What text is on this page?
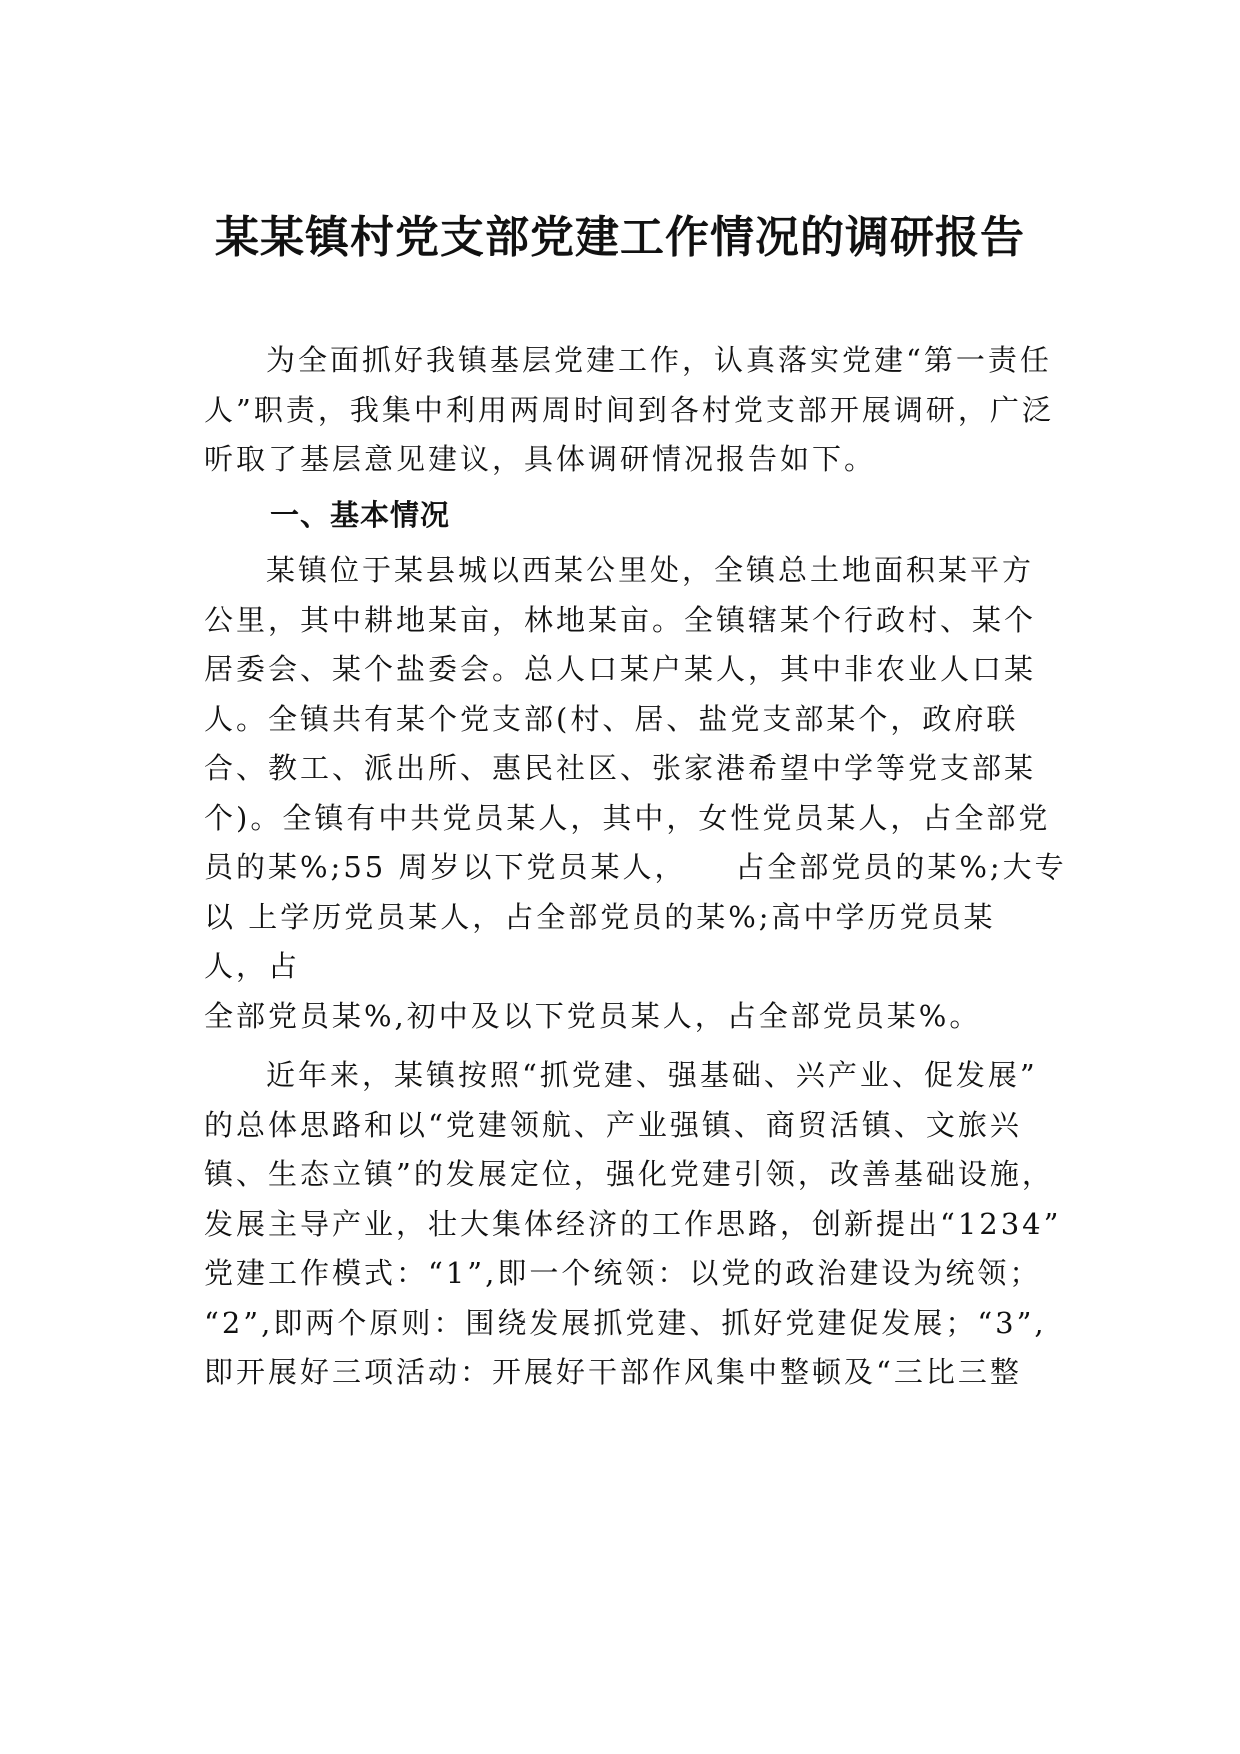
某某镇村党支部党建工作情况的调研报告

为全面抓好我镇基层党建工作，认真落实党建“第一责任人”职责，我集中利用两周时间到各村党支部开展调研，广泛听取了基层意见建议，具体调研情况报告如下。

一、基本情况
某镇位于某县城以西某公里处，全镇总土地面积某平方
公里，其中耕地某亩，林地某亩。全镇辖某个行政村、某个
居委会、某个盐委会。总人口某户某人，其中非农业人口某
人。全镇共有某个党支部(村、居、盐党支部某个，政府联
合、教工、派出所、惠民社区、张家港希望中学等党支部某
个)。全镇有中共党员某人，其中，女性党员某人，占全部党
员的某%;55 周岁以下党员某人，    占全部党员的某%;大专
以 上学历党员某人，占全部党员的某%;高中学历党员某
人，占
全部党员某%,初中及以下党员某人，占全部党员某%。
近年来，某镇按照“抓党建、强基础、兴产业、促发展”
的总体思路和以“党建领航、产业强镇、商贸活镇、文旅兴
镇、生态立镇”的发展定位，强化党建引领，改善基础设施，
发展主导产业，壮大集体经济的工作思路，创新提出“1234”
党建工作模式：“1”,即一个统领：以党的政治建设为统领；
“2”,即两个原则：围绕发展抓党建、抓好党建促发展；“3”,
即开展好三项活动：开展好干部作风集中整顿及“三比三整
